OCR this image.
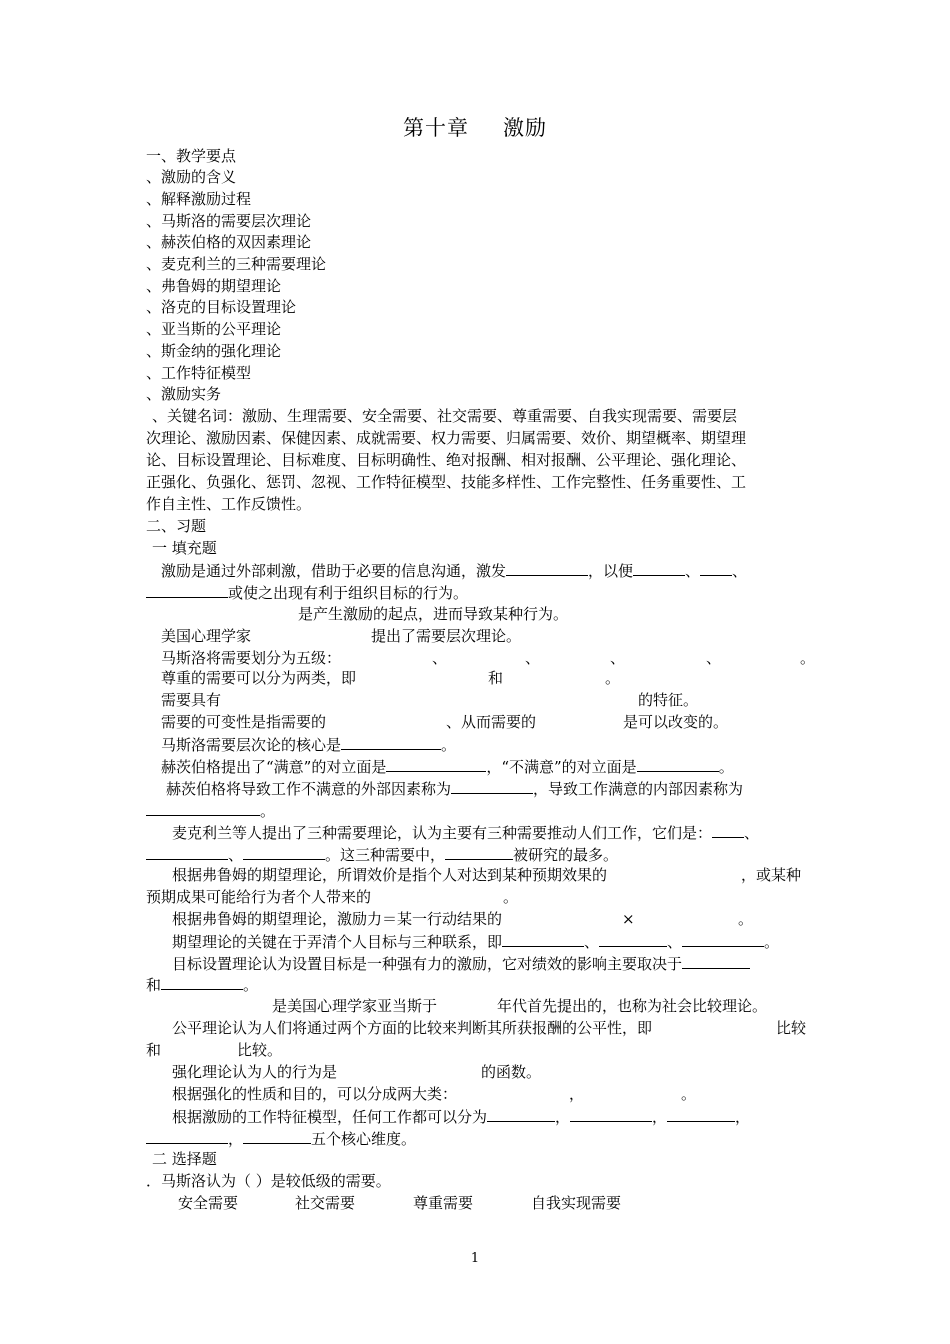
第十章 激励
一、教学要点
、激励的含义
、解释激励过程
、马斯洛的需要层次理论
、赫茨伯格的双因素理论
、麦克利兰的三种需要理论
、弗鲁姆的期望理论
、洛克的目标设置理论
、亚当斯的公平理论
、斯金纳的强化理论
、工作特征模型
、激励实务
、关键名词：激励、生理需要、安全需要、社交需要、尊重需要、自我实现需要、需要层
次理论、激励因素、保健因素、成就需要、权力需要、归属需要、效价、期望概率、期望理
论、目标设置理论、目标难度、目标明确性、绝对报酬、相对报酬、公平理论、强化理论、
正强化、负强化、惩罚、忽视、工作特征模型、技能多样性、工作完整性、任务重要性、工
作自主性、工作反馈性。
二、习题
一 填充题
激励是通过外部刺激，借助于必要的信息沟通，激发	，以便	、 、
或使之出现有利于组织目标的行为。
是产生激励的起点，进而导致某种行为。
美国心理学家	提出了需要层次理论。
马斯洛将需要划分为五级：	、	、	、	、	。
尊重的需要可以分为两类，即	和	。
需要具有	的特征。
需要的可变性是指需要的	、从而需要的	是可以改变的。
马斯洛需要层次论的核心是	。
赫茨伯格提出了“满意”的对立面是	，“不满意”的对立面是	。
赫茨伯格将导致工作不满意的外部因素称为	，导致工作满意的内部因素称为
。
麦克利兰等人提出了三种需要理论，认为主要有三种需要推动人们工作，它们是： 、
、	。这三种需要中，	被研究的最多。
根据弗鲁姆的期望理论，所谓效价是指个人对达到某种预期效果的	，或某种
预期成果可能给行为者个人带来的	。
根据弗鲁姆的期望理论，激励力＝某一行动结果的	×	。
期望理论的关键在于弄清个人目标与三种联系，即	、	、	。
目标设置理论认为设置目标是一种强有力的激励，它对绩效的影响主要取决于
和	。
是美国心理学家亚当斯于	年代首先提出的，也称为社会比较理论。
公平理论认为人们将通过两个方面的比较来判断其所获报酬的公平性，即	比较
和	比较。
强化理论认为人的行为是	的函数。
根据强化的性质和目的，可以分成两大类：	，	。
根据激励的工作特征模型，任何工作都可以分为	，	，	，
，	五个核心维度。
二 选择题
．马斯洛认为（ ）是较低级的需要。
安全需要	社交需要	尊重需要	自我实现需要
1
